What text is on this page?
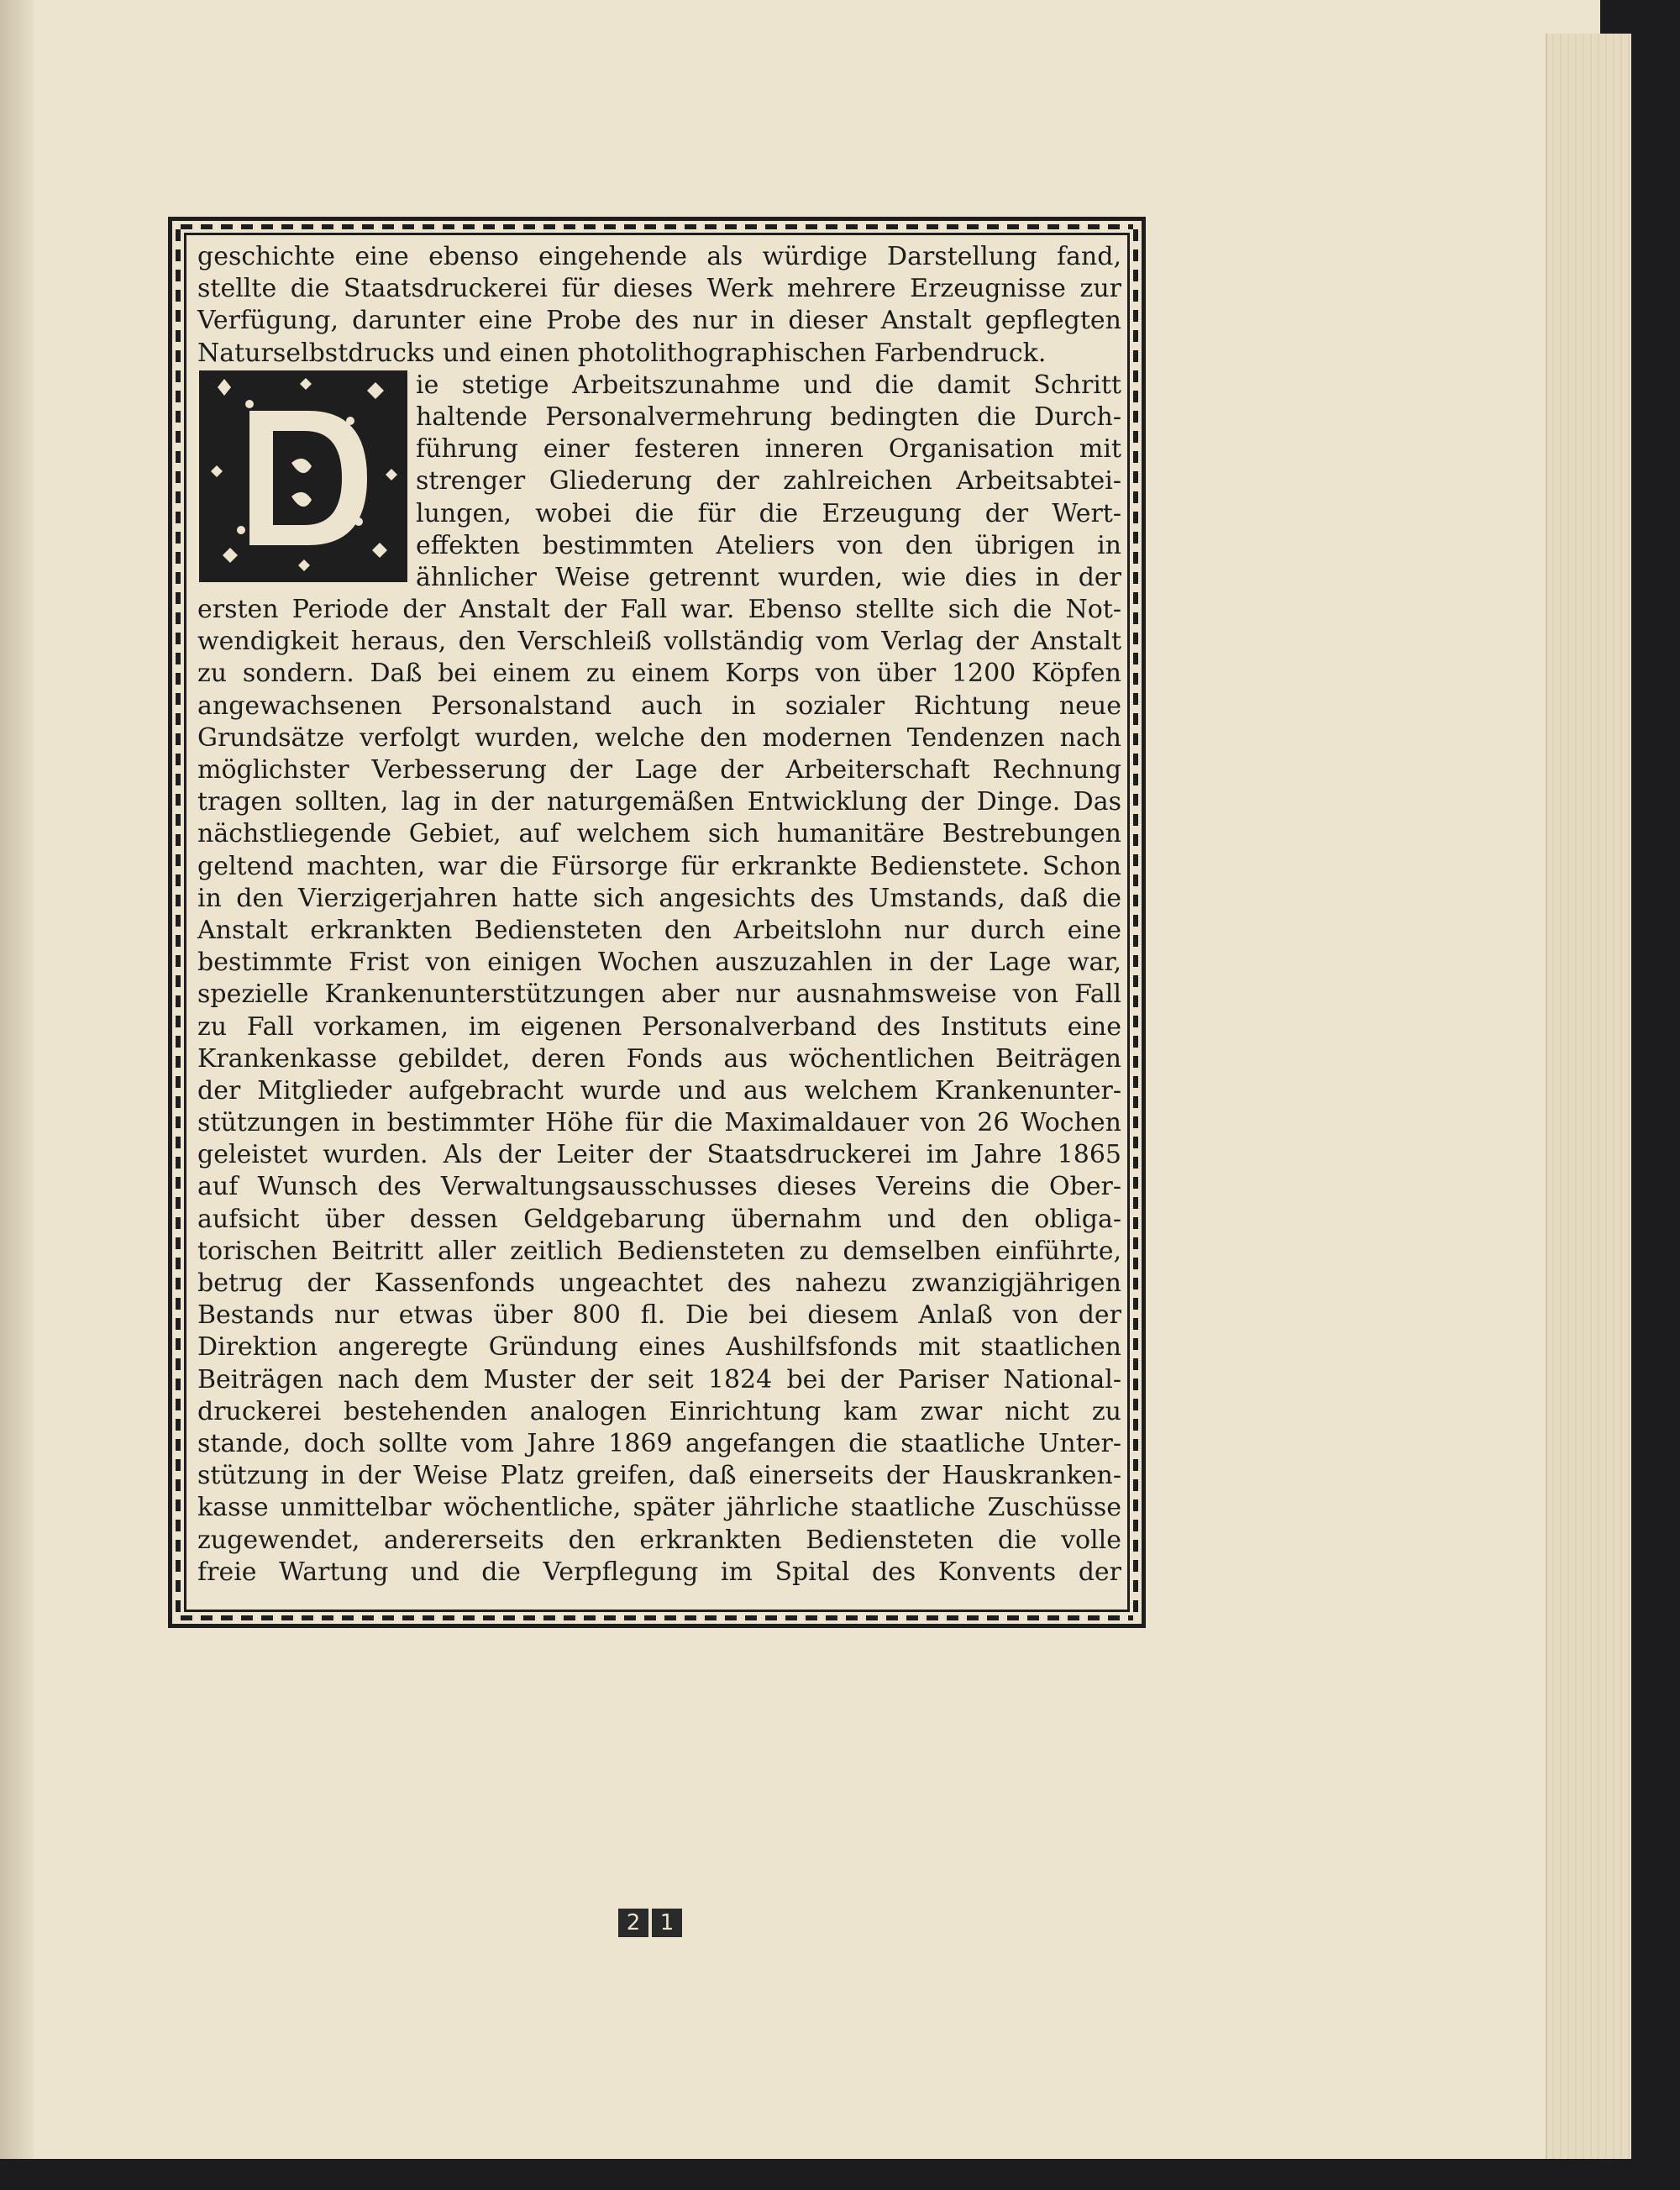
geschichte eine ebenso eingehende als würdige Darstellung fand,
stellte die Staatsdruckerei für dieses Werk mehrere Erzeugnisse zur
Verfügung, darunter eine Probe des nur in dieser Anstalt gepflegten
Naturselbstdrucks und einen photolithographischen Farbendruck.
ie stetige Arbeitszunahme und die damit Schritt
haltende Personalvermehrung bedingten die Durch-
führung einer festeren inneren Organisation mit
strenger Gliederung der zahlreichen Arbeitsabtei-
lungen, wobei die für die Erzeugung der Wert-
effekten bestimmten Ateliers von den übrigen in
ähnlicher Weise getrennt wurden, wie dies in der
ersten Periode der Anstalt der Fall war. Ebenso stellte sich die Not-
wendigkeit heraus, den Verschleiß vollständig vom Verlag der Anstalt
zu sondern. Daß bei einem zu einem Korps von über 1200 Köpfen
angewachsenen Personalstand auch in sozialer Richtung neue
Grundsätze verfolgt wurden, welche den modernen Tendenzen nach
möglichster Verbesserung der Lage der Arbeiterschaft Rechnung
tragen sollten, lag in der naturgemäßen Entwicklung der Dinge. Das
nächstliegende Gebiet, auf welchem sich humanitäre Bestrebungen
geltend machten, war die Fürsorge für erkrankte Bedienstete. Schon
in den Vierzigerjahren hatte sich angesichts des Umstands, daß die
Anstalt erkrankten Bediensteten den Arbeitslohn nur durch eine
bestimmte Frist von einigen Wochen auszuzahlen in der Lage war,
spezielle Krankenunterstützungen aber nur ausnahmsweise von Fall
zu Fall vorkamen, im eigenen Personalverband des Instituts eine
Krankenkasse gebildet, deren Fonds aus wöchentlichen Beiträgen
der Mitglieder aufgebracht wurde und aus welchem Krankenunter-
stützungen in bestimmter Höhe für die Maximaldauer von 26 Wochen
geleistet wurden. Als der Leiter der Staatsdruckerei im Jahre 1865
auf Wunsch des Verwaltungsausschusses dieses Vereins die Ober-
aufsicht über dessen Geldgebarung übernahm und den obliga-
torischen Beitritt aller zeitlich Bediensteten zu demselben einführte,
betrug der Kassenfonds ungeachtet des nahezu zwanzigjährigen
Bestands nur etwas über 800 fl. Die bei diesem Anlaß von der
Direktion angeregte Gründung eines Aushilfsfonds mit staatlichen
Beiträgen nach dem Muster der seit 1824 bei der Pariser National-
druckerei bestehenden analogen Einrichtung kam zwar nicht zu
stande, doch sollte vom Jahre 1869 angefangen die staatliche Unter-
stützung in der Weise Platz greifen, daß einerseits der Hauskranken-
kasse unmittelbar wöchentliche, später jährliche staatliche Zuschüsse
zugewendet, andererseits den erkrankten Bediensteten die volle
freie Wartung und die Verpflegung im Spital des Konvents der
2 1
